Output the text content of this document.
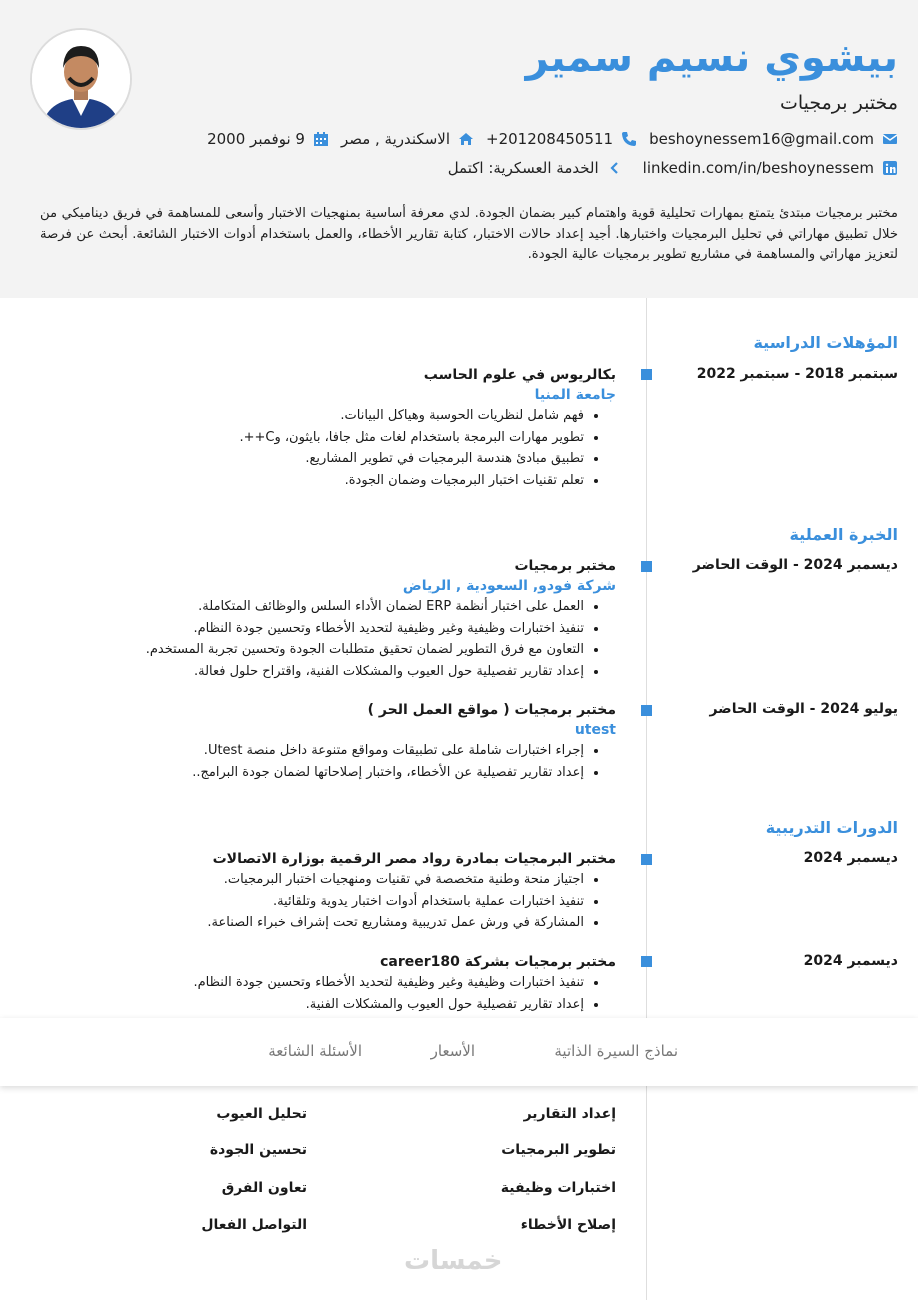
بيشوي نسيم سمير
مختبر برمجيات
beshoynessem16@gmail.com
201208450511+
الاسكندرية , مصر
9 نوفمبر 2000
linkedin.com/in/beshoynessem
الخدمة العسكرية: اكتمل
مختبر برمجيات مبتدئ يتمتع بمهارات تحليلية قوية واهتمام كبير بضمان الجودة. لدي معرفة أساسية بمنهجيات الاختبار وأسعى للمساهمة في فريق ديناميكي من خلال تطبيق مهاراتي في تحليل البرمجيات واختبارها. أجيد إعداد حالات الاختبار، كتابة تقارير الأخطاء، والعمل باستخدام أدوات الاختبار الشائعة. أبحث عن فرصة لتعزيز مهاراتي والمساهمة في مشاريع تطوير برمجيات عالية الجودة.
المؤهلات الدراسية
سبتمبر 2018 - سبتمبر 2022
بكالريوس في علوم الحاسب
جامعة المنيا
• فهم شامل لنظريات الحوسبة وهياكل البيانات.
• تطوير مهارات البرمجة باستخدام لغات مثل جافا، بايثون، وC++.
• تطبيق مبادئ هندسة البرمجيات في تطوير المشاريع.
• تعلم تقنيات اختبار البرمجيات وضمان الجودة.
الخبرة العملية
ديسمبر 2024 - الوقت الحاضر
مختبر برمجيات
شركة فودو, السعودية , الرياض
• العمل على اختبار أنظمة ERP لضمان الأداء السلس والوظائف المتكاملة.
• تنفيذ اختبارات وظيفية وغير وظيفية لتحديد الأخطاء وتحسين جودة النظام.
• التعاون مع فرق التطوير لضمان تحقيق متطلبات الجودة وتحسين تجربة المستخدم.
• إعداد تقارير تفصيلية حول العيوب والمشكلات الفنية، واقتراح حلول فعالة.
يوليو 2024 - الوقت الحاضر
مختبر برمجيات ( مواقع العمل الحر )
utest
• إجراء اختبارات شاملة على تطبيقات ومواقع متنوعة داخل منصة Utest.
• إعداد تقارير تفصيلية عن الأخطاء، واختبار إصلاحاتها لضمان جودة البرامج..
الدورات التدريبية
ديسمبر 2024
مختبر البرمجيات بمادرة رواد مصر الرقمية بوزارة الاتصالات
• اجتياز منحة وطنية متخصصة في تقنيات ومنهجيات اختبار البرمجيات.
• تنفيذ اختبارات عملية باستخدام أدوات اختبار يدوية وتلقائية.
• المشاركة في ورش عمل تدريبية ومشاريع تحت إشراف خبراء الصناعة.
ديسمبر 2024
مختبر برمجيات بشركة career180
• تنفيذ اختبارات وظيفية وغير وظيفية لتحديد الأخطاء وتحسين جودة النظام.
• إعداد تقارير تفصيلية حول العيوب والمشكلات الفنية.
نماذج السيرة الذاتية
الأسعار
الأسئلة الشائعة
إعداد التقارير
تطوير البرمجيات
اختبارات وظيفية
إصلاح الأخطاء
تحليل العيوب
تحسين الجودة
تعاون الفرق
التواصل الفعال
خمسات
